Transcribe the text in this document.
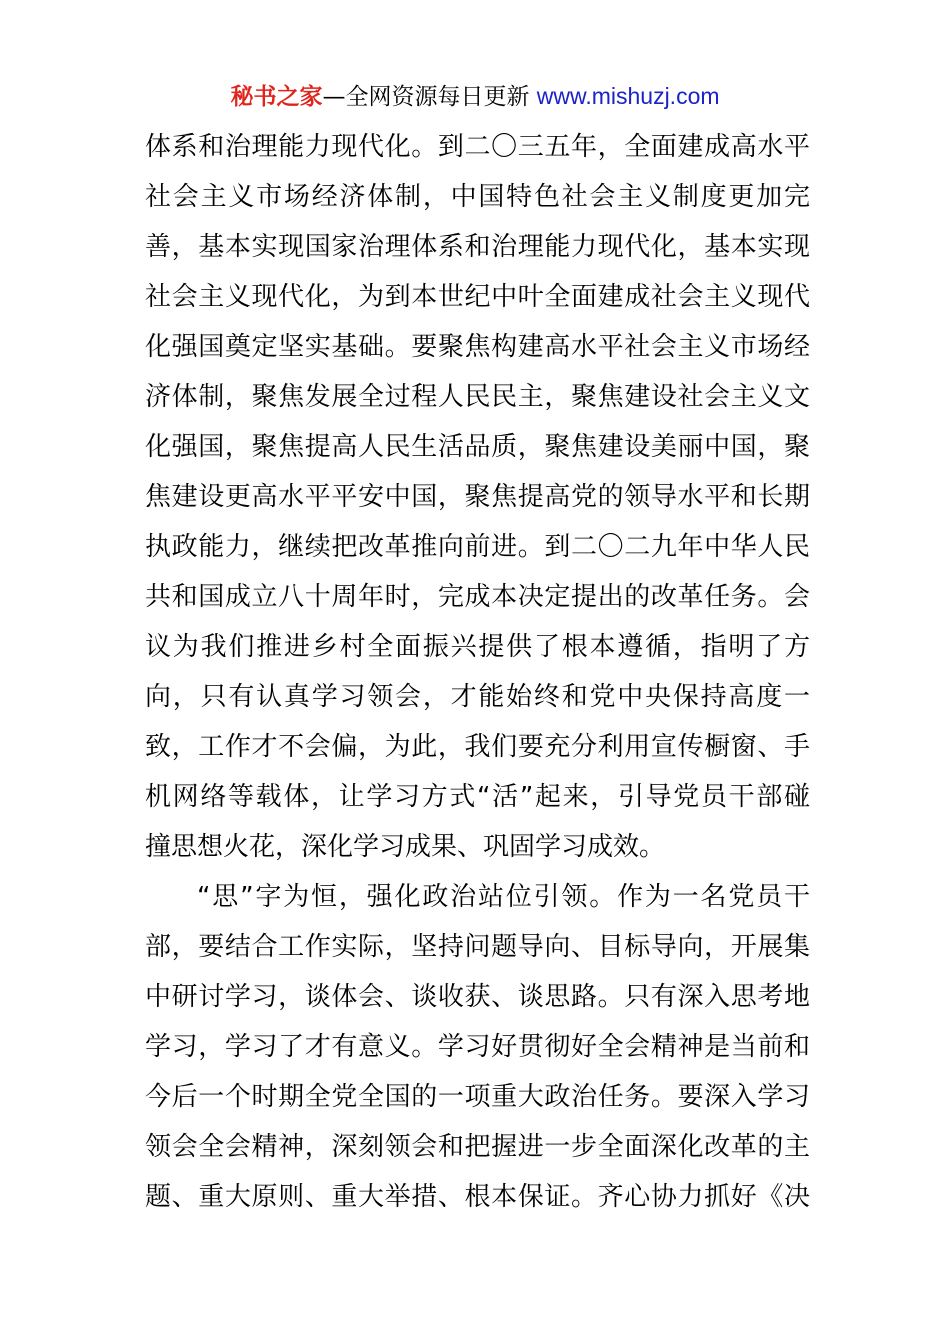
秘书之家—全网资源每日更新 www.mishuzj.com
体系和治理能力现代化。到二〇三五年，全面建成高水平
社会主义市场经济体制，中国特色社会主义制度更加完
善，基本实现国家治理体系和治理能力现代化，基本实现
社会主义现代化，为到本世纪中叶全面建成社会主义现代
化强国奠定坚实基础。要聚焦构建高水平社会主义市场经
济体制，聚焦发展全过程人民民主，聚焦建设社会主义文
化强国，聚焦提高人民生活品质，聚焦建设美丽中国，聚
焦建设更高水平平安中国，聚焦提高党的领导水平和长期
执政能力，继续把改革推向前进。到二〇二九年中华人民
共和国成立八十周年时，完成本决定提出的改革任务。会
议为我们推进乡村全面振兴提供了根本遵循，指明了方
向，只有认真学习领会，才能始终和党中央保持高度一
致，工作才不会偏，为此，我们要充分利用宣传橱窗、手
机网络等载体，让学习方式“活”起来，引导党员干部碰
撞思想火花，深化学习成果、巩固学习成效。
“思”字为恒，强化政治站位引领。作为一名党员干
部，要结合工作实际，坚持问题导向、目标导向，开展集
中研讨学习，谈体会、谈收获、谈思路。只有深入思考地
学习，学习了才有意义。学习好贯彻好全会精神是当前和
今后一个时期全党全国的一项重大政治任务。要深入学习
领会全会精神，深刻领会和把握进一步全面深化改革的主
题、重大原则、重大举措、根本保证。齐心协力抓好《决
